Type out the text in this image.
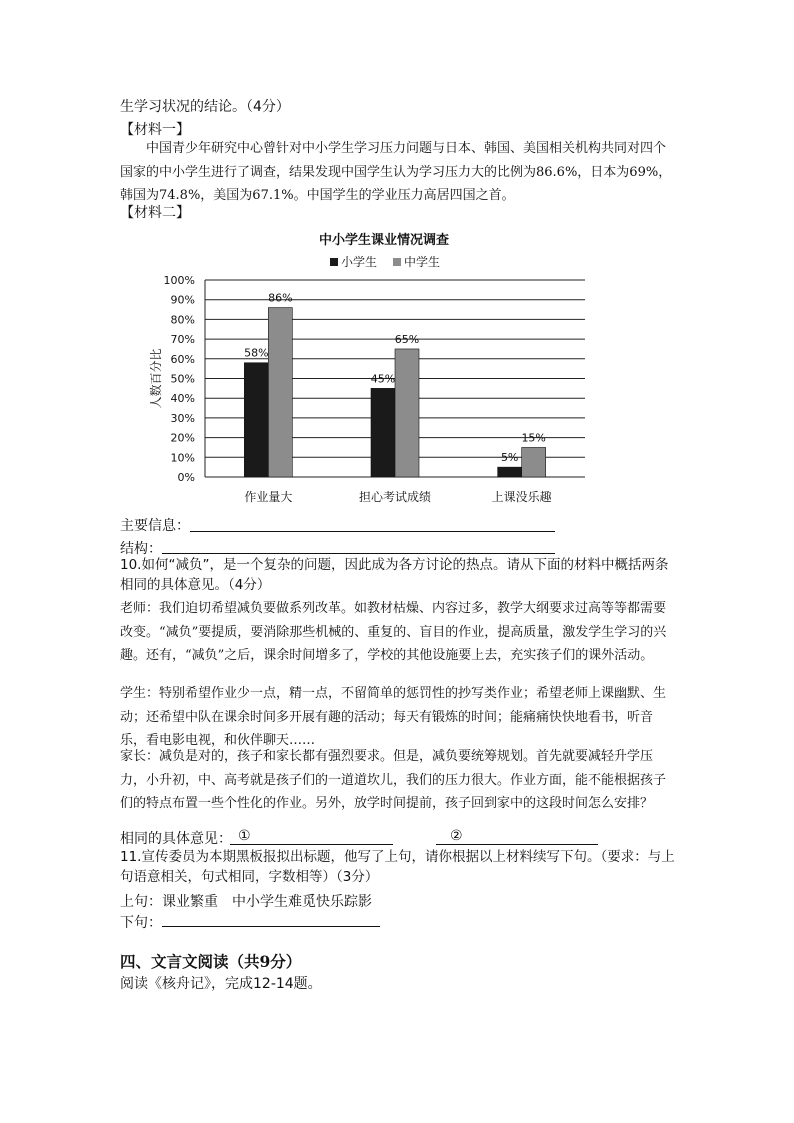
生学习状况的结论。（4分）
【材料一】
中国青少年研究中心曾针对中小学生学习压力问题与日本、韩国、美国相关机构共同对四个国家的中小学生进行了调查，结果发现中国学生认为学习压力大的比例为86.6%，日本为69%，韩国为74.8%，美国为67.1%。中国学生的学业压力高居四国之首。
【材料二】
中小学生课业情况调查
小学生 中学生
人数百分比
0%
10%
20%
30%
40%
50%
60%
70%
80%
90%
100%
58%
86%
45%
65%
5%
15%
作业量大	担心考试成绩	上课没乐趣
主要信息：
结构：
10.如何“减负”，是一个复杂的问题，因此成为各方讨论的热点。请从下面的材料中概括两条相同的具体意见。（4分）
老师：我们迫切希望减负要做系列改革。如教材枯燥、内容过多，教学大纲要求过高等等都需要改变。“减负”要提质，要消除那些机械的、重复的、盲目的作业，提高质量，激发学生学习的兴趣。还有，“减负”之后，课余时间增多了，学校的其他设施要上去，充实孩子们的课外活动。
学生：特别希望作业少一点，精一点，不留简单的惩罚性的抄写类作业；希望老师上课幽默、生动；还希望中队在课余时间多开展有趣的活动；每天有锻炼的时间；能痛痛快快地看书，听音乐，看电影电视，和伙伴聊天……
家长：减负是对的，孩子和家长都有强烈要求。但是，减负要统筹规划。首先就要减轻升学压力，小升初，中、高考就是孩子们的一道道坎儿，我们的压力很大。作业方面，能不能根据孩子们的特点布置一些个性化的作业。另外，放学时间提前，孩子回到家中的这段时间怎么安排？
相同的具体意见： ①	②
11.宣传委员为本期黑板报拟出标题，他写了上句，请你根据以上材料续写下句。（要求：与上句语意相关，句式相同，字数相等）（3分）
上句：课业繁重　中小学生难觅快乐踪影
下句：
四、文言文阅读（共9分）
阅读《核舟记》，完成12-14题。
